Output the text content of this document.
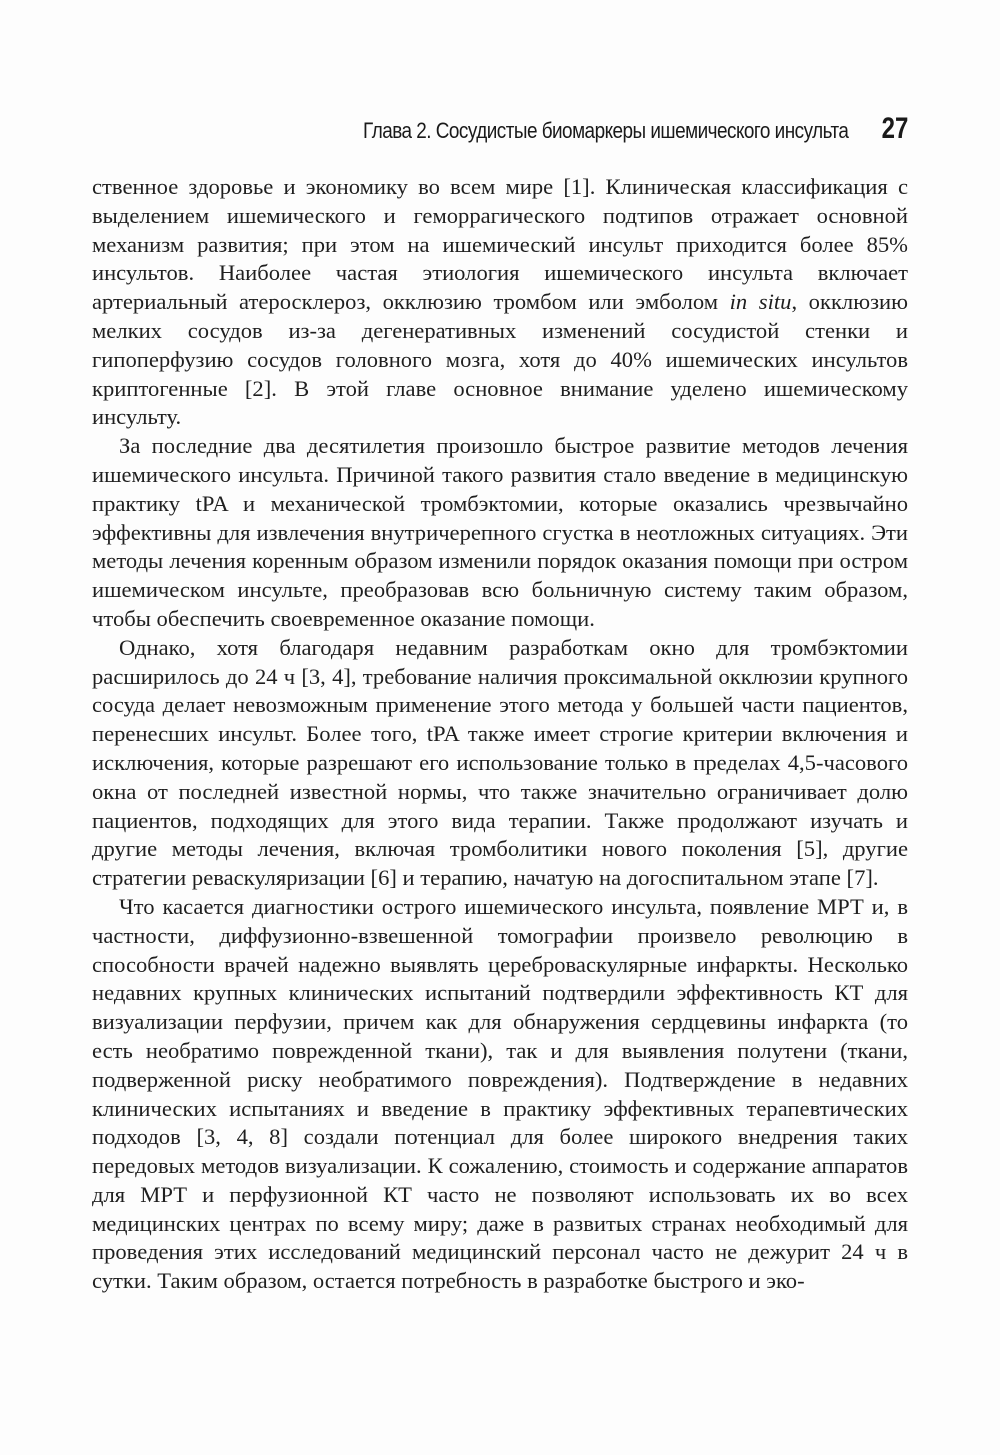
Глава 2. Сосудистые биомаркеры ишемического инсульта 27

ственное здоровье и экономику во всем мире [1]. Клиническая классификация с выделением ишемического и геморрагического подтипов отражает основной механизм развития; при этом на ишемический инсульт приходится более 85% инсультов. Наиболее частая этиология ишемического инсульта включает артериальный атеросклероз, окклюзию тромбом или эмболом in situ, окклюзию мелких сосудов из-за дегенеративных изменений сосудистой стенки и гипоперфузию сосудов головного мозга, хотя до 40% ишемических инсультов криптогенные [2]. В этой главе основное внимание уделено ишемическому инсульту.

За последние два десятилетия произошло быстрое развитие методов лечения ишемического инсульта. Причиной такого развития стало введение в медицинскую практику tPA и механической тромбэктомии, которые оказались чрезвычайно эффективны для извлечения внутричерепного сгустка в неотложных ситуациях. Эти методы лечения коренным образом изменили порядок оказания помощи при остром ишемическом инсульте, преобразовав всю больничную систему таким образом, чтобы обеспечить своевременное оказание помощи.

Однако, хотя благодаря недавним разработкам окно для тромбэктомии расширилось до 24 ч [3, 4], требование наличия проксимальной окклюзии крупного сосуда делает невозможным применение этого метода у большей части пациентов, перенесших инсульт. Более того, tPA также имеет строгие критерии включения и исключения, которые разрешают его использование только в пределах 4,5-часового окна от последней известной нормы, что также значительно ограничивает долю пациентов, подходящих для этого вида терапии. Также продолжают изучать и другие методы лечения, включая тромболитики нового поколения [5], другие стратегии реваскуляризации [6] и терапию, начатую на догоспитальном этапе [7].

Что касается диагностики острого ишемического инсульта, появление МРТ и, в частности, диффузионно-взвешенной томографии произвело революцию в способности врачей надежно выявлять цереброваскулярные инфаркты. Несколько недавних крупных клинических испытаний подтвердили эффективность КТ для визуализации перфузии, причем как для обнаружения сердцевины инфаркта (то есть необратимо поврежденной ткани), так и для выявления полутени (ткани, подверженной риску необратимого повреждения). Подтверждение в недавних клинических испытаниях и введение в практику эффективных терапевтических подходов [3, 4, 8] создали потенциал для более широкого внедрения таких передовых методов визуализации. К сожалению, стоимость и содержание аппаратов для МРТ и перфузионной КТ часто не позволяют использовать их во всех медицинских центрах по всему миру; даже в развитых странах необходимый для проведения этих исследований медицинский персонал часто не дежурит 24 ч в сутки. Таким образом, остается потребность в разработке быстрого и эко-
